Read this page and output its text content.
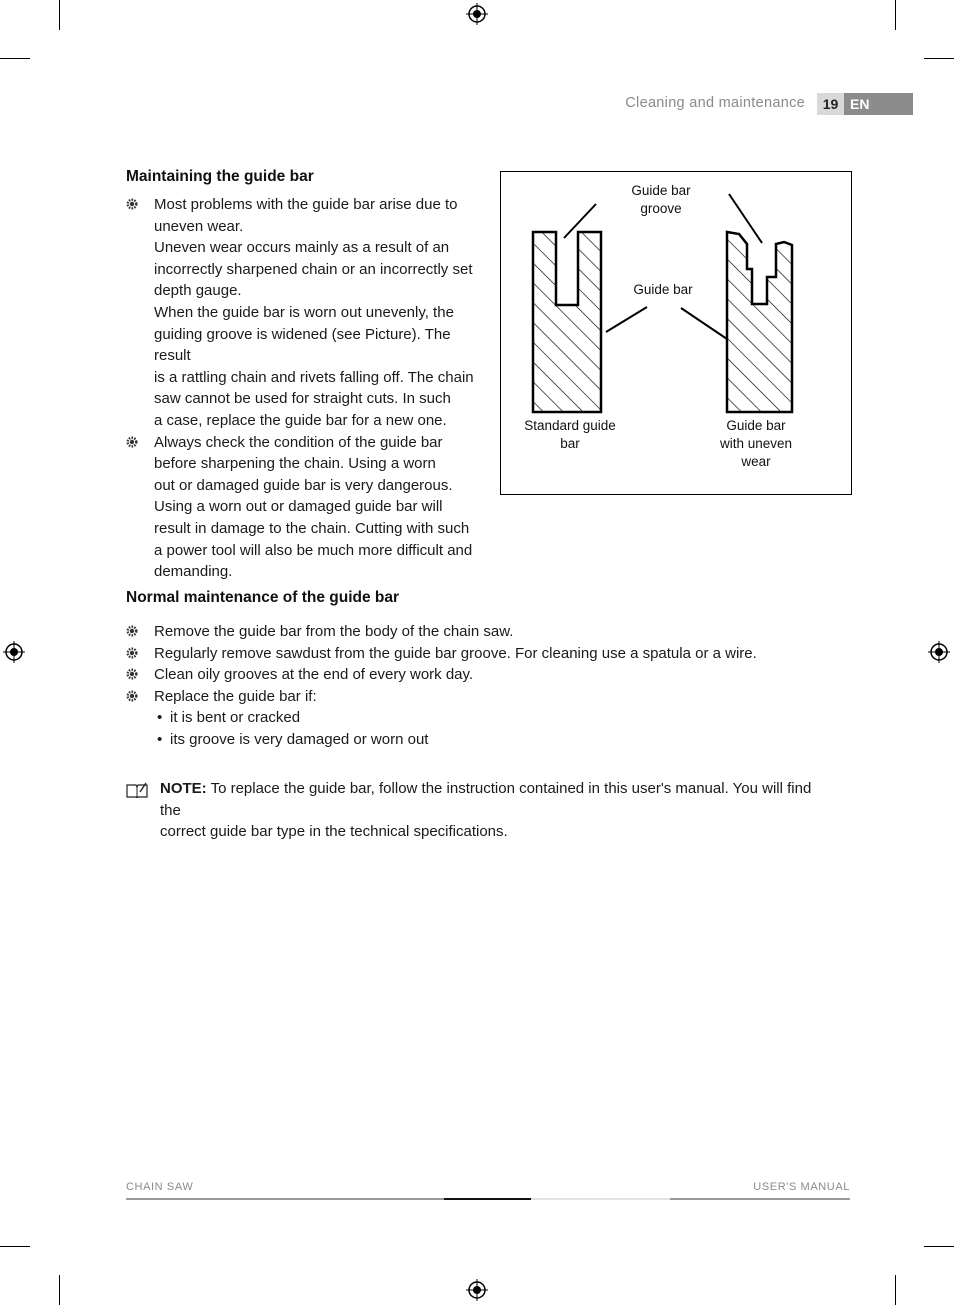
Cleaning and maintenance	19 EN
Maintaining the guide bar
Most problems with the guide bar arise due to
uneven wear.
Uneven wear occurs mainly as a result of an
incorrectly sharpened chain or an incorrectly set
depth gauge.
When the guide bar is worn out unevenly, the
guiding groove is widened (see Picture). The result
is a rattling chain and rivets falling off. The chain
saw cannot be used for straight cuts. In such
a case, replace the guide bar for a new one.
Always check the condition of the guide bar
before sharpening the chain. Using a worn
out or damaged guide bar is very dangerous.
Using a worn out or damaged guide bar will
result in damage to the chain. Cutting with such
a power tool will also be much more difficult and
demanding.
Guide bar
groove
Guide bar
Standard guide
bar
Guide bar
with uneven
wear
Normal maintenance of the guide bar
Remove the guide bar from the body of the chain saw.
Regularly remove sawdust from the guide bar groove. For cleaning use a spatula or a wire.
Clean oily grooves at the end of every work day.
Replace the guide bar if:
• it is bent or cracked
• its groove is very damaged or worn out
NOTE: To replace the guide bar, follow the instruction contained in this user's manual. You will find the
correct guide bar type in the technical specifications.
CHAIN SAW	USER'S MANUAL
